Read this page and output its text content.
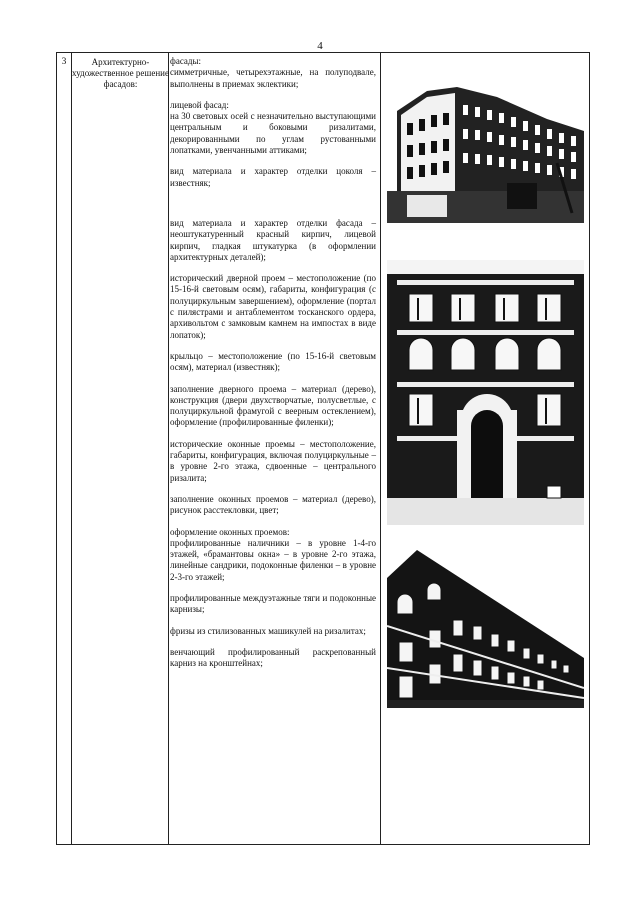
4
3	Архитектурно-художественное решение фасадов:

фасады:

симметричные, четырехэтажные, на полуподвале, выполнены в приемах эклектики;

лицевой фасад:

на 30 световых осей с незначительно выступающими центральным и боковыми ризалитами, декорированными по углам рустованными лопатками, увенчанными аттиками;

вид материала и характер отделки цоколя – известняк;

вид материала и характер отделки фасада – неоштукатуренный красный кирпич, лицевой кирпич, гладкая штукатурка (в оформлении архитектурных деталей);

исторический дверной проем – местоположение (по 15-16-й световым осям), габариты, конфигурация (с полуциркульным завершением), оформление (портал с пилястрами и антаблементом тосканского ордера, архивольтом с замковым камнем на импостах в виде лопаток);

крыльцо – местоположение (по 15-16-й световым осям), материал (известняк);

заполнение дверного проема – материал (дерево), конструкция (двери двухстворчатые, полусветлые, с полуциркульной фрамугой с веерным остеклением), оформление (профилированные филенки);

исторические оконные проемы – местоположение, габариты, конфигурация, включая полуциркульные – в уровне 2-го этажа, сдвоенные – центрального ризалита;

заполнение оконных проемов – материал (дерево), рисунок расстекловки, цвет;

оформление оконных проемов:

профилированные наличники – в уровне 1-4-го этажей, «брамантовы окна» – в уровне 2-го этажа, линейные сандрики, подоконные филенки – в уровне 2-3-го этажей;

профилированные междуэтажные тяги и подоконные карнизы;

фризы из стилизованных машикулей на ризалитах;

венчающий профилированный раскрепованный карниз на кронштейнах;
